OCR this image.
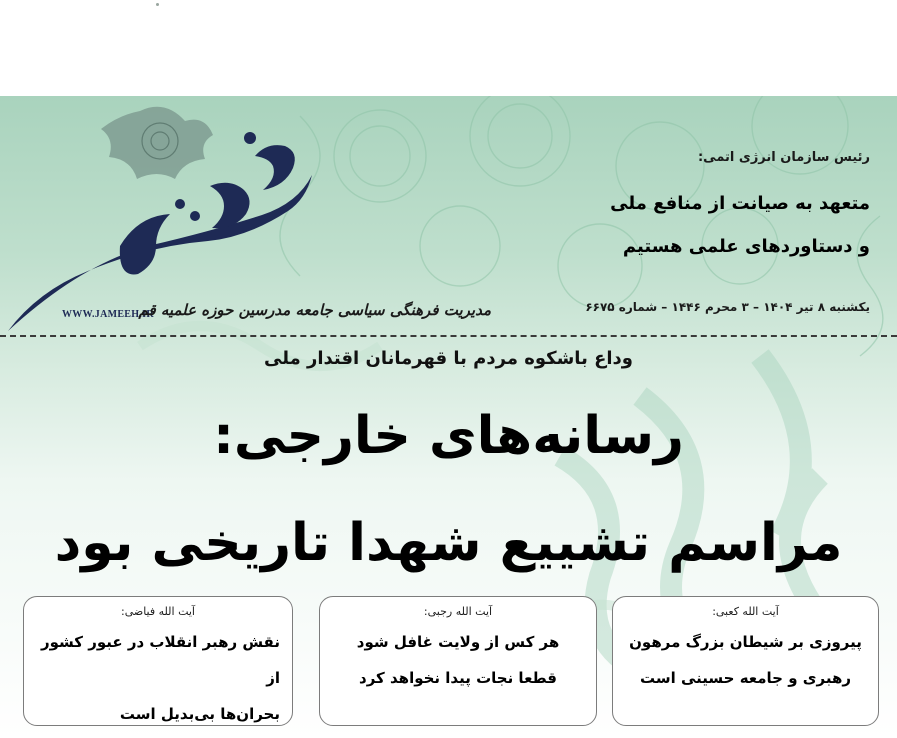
WWW.JAMEEH.IR
مدیریت فرهنگی سیاسی جامعه مدرسین حوزه علمیه قم
رئیس سازمان انرژی اتمی:
متعهد به صیانت از منافع ملی
و دستاوردهای علمی هستیم
یکشنبه ۸ تیر ۱۴۰۴ – ۳ محرم ۱۴۴۶ – شماره ۶۶۷۵
وداع باشکوه مردم با قهرمانان اقتدار ملی
رسانه‌های خارجی:
مراسم تشییع شهدا تاریخی بود
آیت الله کعبی:
پیروزی بر شیطان بزرگ مرهون
رهبری و جامعه حسینی است
آیت الله رجبی:
هر کس از ولایت غافل شود
قطعا نجات پیدا نخواهد کرد
آیت الله فیاضی:
نقش رهبر انقلاب در عبور کشور از
بحران‌ها بی‌بدیل است
